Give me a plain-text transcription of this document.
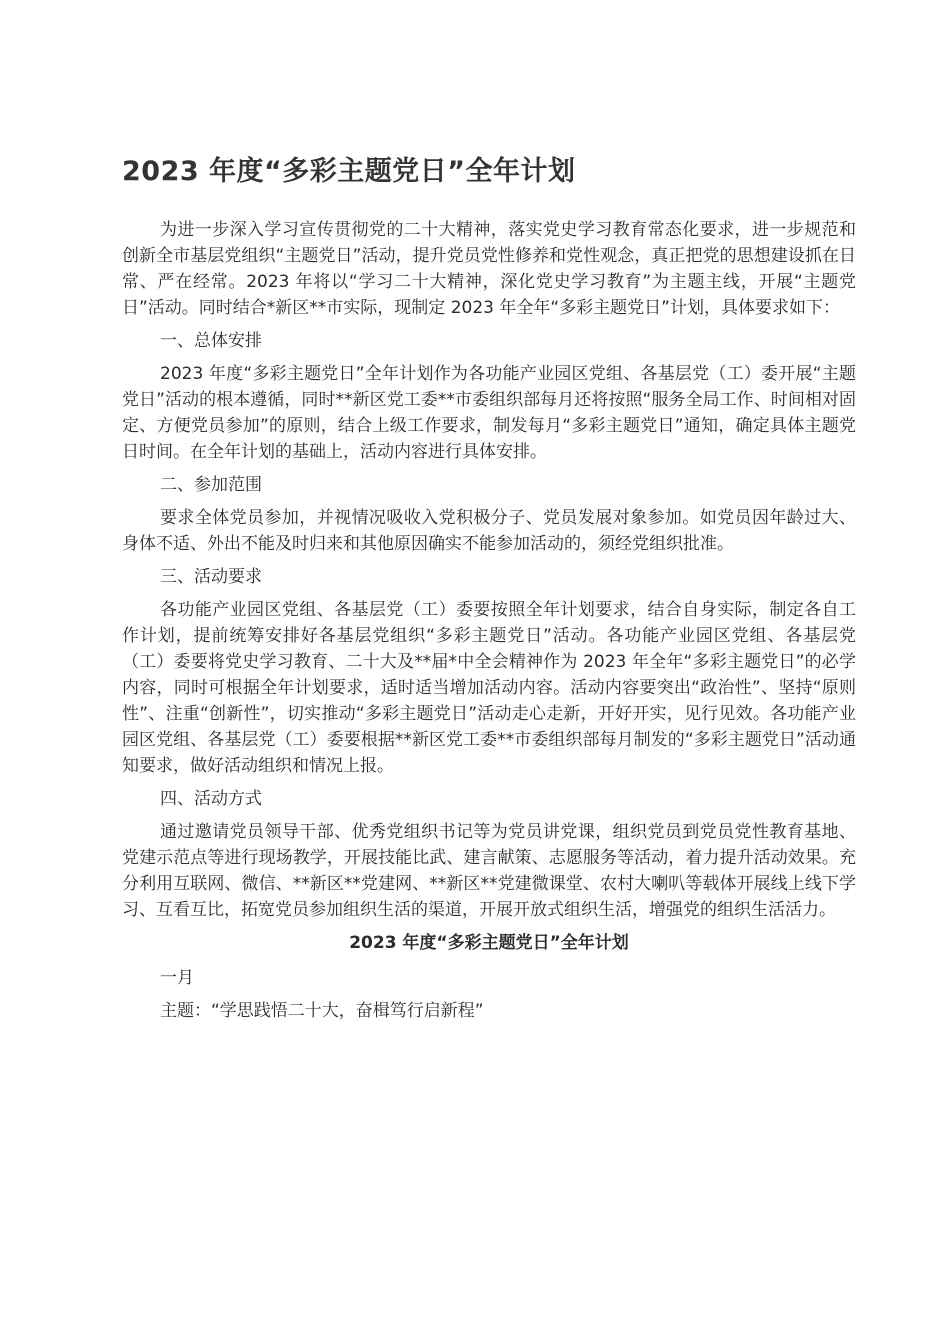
2023 年度“多彩主题党日”全年计划

为进一步深入学习宣传贯彻党的二十大精神，落实党史学习教育常态化要求，进一步规范和创新全市基层党组织“主题党日”活动，提升党员党性修养和党性观念，真正把党的思想建设抓在日常、严在经常。2023 年将以“学习二十大精神，深化党史学习教育”为主题主线，开展“主题党日”活动。同时结合*新区**市实际，现制定 2023 年全年“多彩主题党日”计划，具体要求如下：

一、总体安排

2023 年度“多彩主题党日”全年计划作为各功能产业园区党组、各基层党（工）委开展“主题党日”活动的根本遵循，同时**新区党工委**市委组织部每月还将按照“服务全局工作、时间相对固定、方便党员参加”的原则，结合上级工作要求，制发每月“多彩主题党日”通知，确定具体主题党日时间。在全年计划的基础上，活动内容进行具体安排。

二、参加范围

要求全体党员参加，并视情况吸收入党积极分子、党员发展对象参加。如党员因年龄过大、身体不适、外出不能及时归来和其他原因确实不能参加活动的，须经党组织批准。

三、活动要求

各功能产业园区党组、各基层党（工）委要按照全年计划要求，结合自身实际，制定各自工作计划，提前统筹安排好各基层党组织“多彩主题党日”活动。各功能产业园区党组、各基层党（工）委要将党史学习教育、二十大及**届*中全会精神作为 2023 年全年“多彩主题党日”的必学内容，同时可根据全年计划要求，适时适当增加活动内容。活动内容要突出“政治性”、坚持“原则性”、注重“创新性”，切实推动“多彩主题党日”活动走心走新，开好开实，见行见效。各功能产业园区党组、各基层党（工）委要根据**新区党工委**市委组织部每月制发的“多彩主题党日”活动通知要求，做好活动组织和情况上报。

四、活动方式

通过邀请党员领导干部、优秀党组织书记等为党员讲党课，组织党员到党员党性教育基地、党建示范点等进行现场教学，开展技能比武、建言献策、志愿服务等活动，着力提升活动效果。充分利用互联网、微信、**新区**党建网、**新区**党建微课堂、农村大喇叭等载体开展线上线下学习、互看互比，拓宽党员参加组织生活的渠道，开展开放式组织生活，增强党的组织生活活力。

2023 年度“多彩主题党日”全年计划

一月

主题：“学思践悟二十大，奋楫笃行启新程”
